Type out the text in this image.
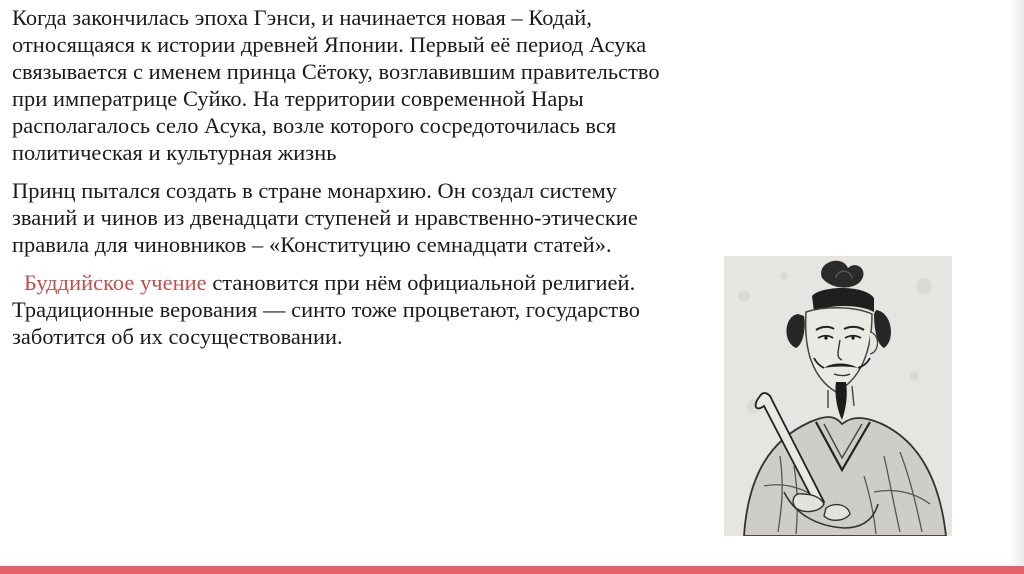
Когда закончилась эпоха Гэнси, и начинается новая – Кодай, относящаяся к истории древней Японии. Первый её период Асука связывается с именем принца Сётоку, возглавившим правительство при императрице Суйко. На территории современной Нары располагалось село Асука, возле которого сосредоточилась вся политическая и культурная жизнь

Принц пытался создать в стране монархию. Он создал систему званий и чинов из двенадцати ступеней и нравственно-этические правила для чиновников – «Конституцию семнадцати статей».

Буддийское учение становится при нём официальной религией. Традиционные верования — синто тоже процветают, государство заботится об их сосуществовании.
